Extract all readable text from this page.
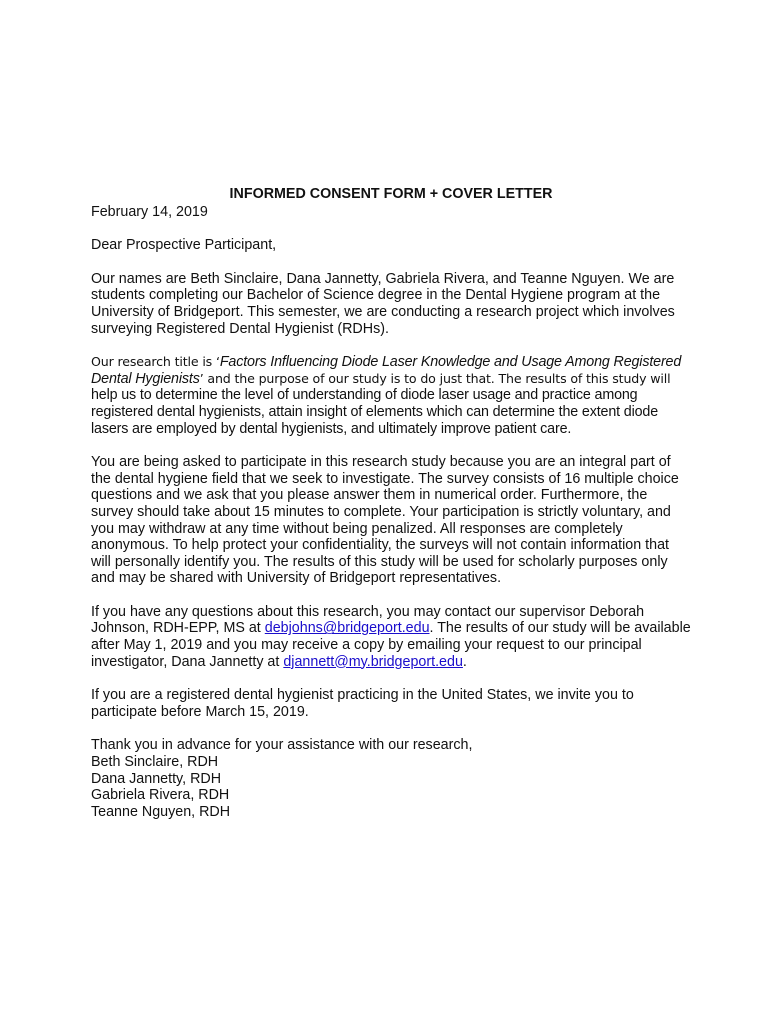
INFORMED CONSENT FORM + COVER LETTER
February 14, 2019
Dear Prospective Participant,
Our names are Beth Sinclaire, Dana Jannetty, Gabriela Rivera, and Teanne Nguyen. We are students completing our Bachelor of Science degree in the Dental Hygiene program at the University of Bridgeport. This semester, we are conducting a research project which involves surveying Registered Dental Hygienist (RDHs).
Our research title is ‘Factors Influencing Diode Laser Knowledge and Usage Among Registered Dental Hygienists’ and the purpose of our study is to do just that. The results of this study will help us to determine the level of understanding of diode laser usage and practice among registered dental hygienists, attain insight of elements which can determine the extent diode lasers are employed by dental hygienists, and ultimately improve patient care.
You are being asked to participate in this research study because you are an integral part of the dental hygiene field that we seek to investigate. The survey consists of 16 multiple choice questions and we ask that you please answer them in numerical order. Furthermore, the survey should take about 15 minutes to complete. Your participation is strictly voluntary, and you may withdraw at any time without being penalized. All responses are completely anonymous. To help protect your confidentiality, the surveys will not contain information that will personally identify you. The results of this study will be used for scholarly purposes only and may be shared with University of Bridgeport representatives.
If you have any questions about this research, you may contact our supervisor Deborah Johnson, RDH-EPP, MS at debjohns@bridgeport.edu. The results of our study will be available after May 1, 2019 and you may receive a copy by emailing your request to our principal investigator, Dana Jannetty at djannett@my.bridgeport.edu.
If you are a registered dental hygienist practicing in the United States, we invite you to participate before March 15, 2019.
Thank you in advance for your assistance with our research,
Beth Sinclaire, RDH
Dana Jannetty, RDH
Gabriela Rivera, RDH
Teanne Nguyen, RDH
